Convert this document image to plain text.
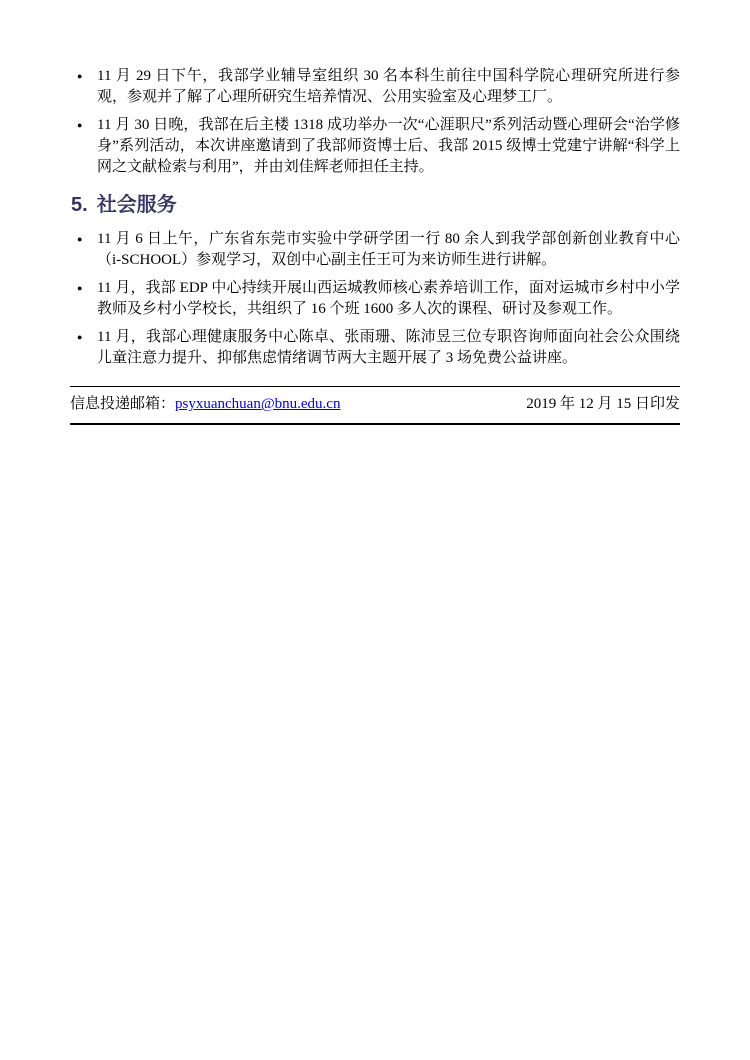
● 11 月 29 日下午，我部学业辅导室组织 30 名本科生前往中国科学院心理研究所进行参观，参观并了解了心理所研究生培养情况、公用实验室及心理梦工厂。
● 11 月 30 日晚，我部在后主楼 1318 成功举办一次“心涯职尺”系列活动暨心理研会“治学修身”系列活动，本次讲座邀请到了我部师资博士后、我部 2015 级博士党建宁讲解“科学上网之文献检索与利用”，并由刘佳辉老师担任主持。
5. 社会服务
● 11 月 6 日上午，广东省东莞市实验中学研学团一行 80 余人到我学部创新创业教育中心（i-SCHOOL）参观学习，双创中心副主任王可为来访师生进行讲解。
● 11 月，我部 EDP 中心持续开展山西运城教师核心素养培训工作，面对运城市乡村中小学教师及乡村小学校长，共组织了 16 个班 1600 多人次的课程、研讨及参观工作。
● 11 月，我部心理健康服务中心陈卓、张雨珊、陈沛昱三位专职咨询师面向社会公众围绕儿童注意力提升、抑郁焦虑情绪调节两大主题开展了 3 场免费公益讲座。
信息投递邮箱：psyxuanchuan@bnu.edu.cn	2019 年 12 月 15 日印发
